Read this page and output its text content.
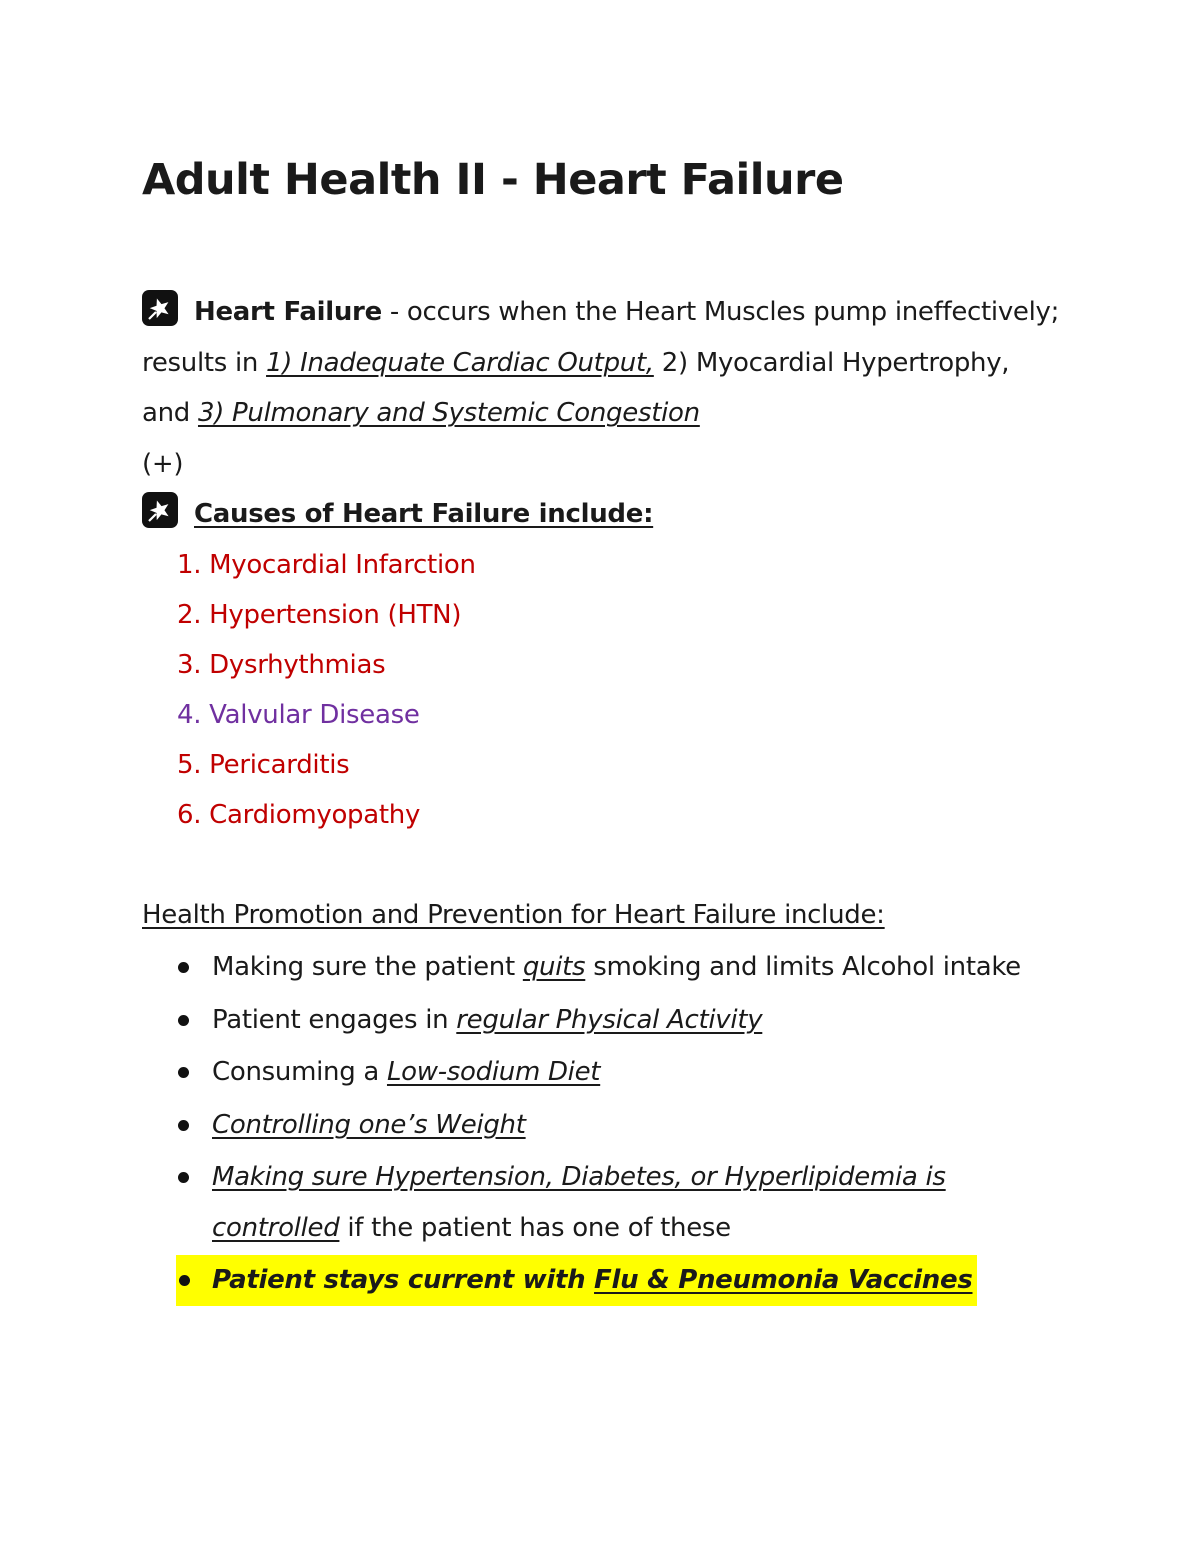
Adult Health II - Heart Failure

Heart Failure - occurs when the Heart Muscles pump ineffectively; results in 1) Inadequate Cardiac Output, 2) Myocardial Hypertrophy, and 3) Pulmonary and Systemic Congestion

(+)

Causes of Heart Failure include:

1. Myocardial Infarction
2. Hypertension (HTN)
3. Dysrhythmias
4. Valvular Disease
5. Pericarditis
6. Cardiomyopathy

Health Promotion and Prevention for Heart Failure include:

Making sure the patient quits smoking and limits Alcohol intake
Patient engages in regular Physical Activity
Consuming a Low-sodium Diet
Controlling one’s Weight
Making sure Hypertension, Diabetes, or Hyperlipidemia is controlled if the patient has one of these
Patient stays current with Flu & Pneumonia Vaccines
